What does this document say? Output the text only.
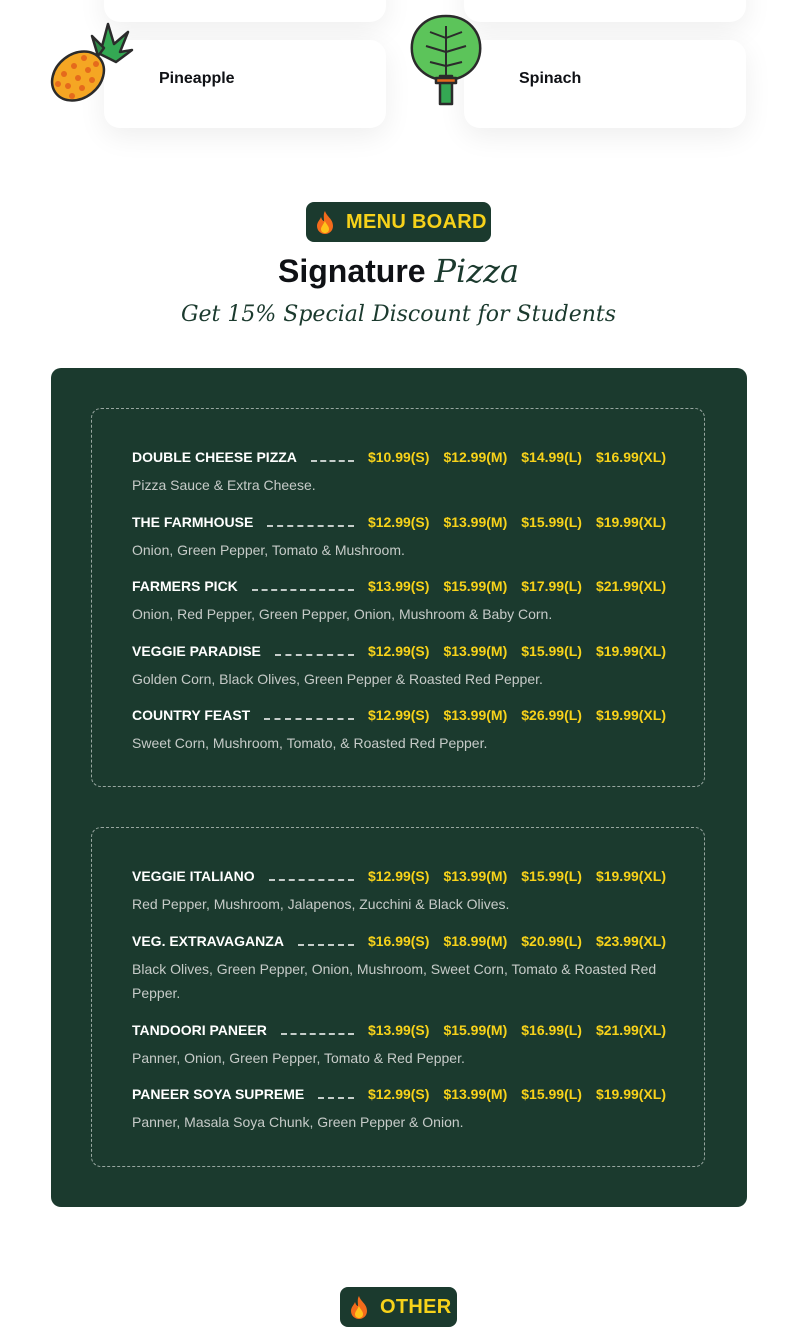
Pineapple	Spinach
MENU BOARD
Signature Pizza
Get 15% Special Discount for Students
DOUBLE CHEESE PIZZA	$10.99(S) $12.99(M) $14.99(L) $16.99(XL)
Pizza Sauce & Extra Cheese.
THE FARMHOUSE	$12.99(S) $13.99(M) $15.99(L) $19.99(XL)
Onion, Green Pepper, Tomato & Mushroom.
FARMERS PICK	$13.99(S) $15.99(M) $17.99(L) $21.99(XL)
Onion, Red Pepper, Green Pepper, Onion, Mushroom & Baby Corn.
VEGGIE PARADISE	$12.99(S) $13.99(M) $15.99(L) $19.99(XL)
Golden Corn, Black Olives, Green Pepper & Roasted Red Pepper.
COUNTRY FEAST	$12.99(S) $13.99(M) $26.99(L) $19.99(XL)
Sweet Corn, Mushroom, Tomato, & Roasted Red Pepper.
VEGGIE ITALIANO	$12.99(S) $13.99(M) $15.99(L) $19.99(XL)
Red Pepper, Mushroom, Jalapenos, Zucchini & Black Olives.
VEG. EXTRAVAGANZA	$16.99(S) $18.99(M) $20.99(L) $23.99(XL)
Black Olives, Green Pepper, Onion, Mushroom, Sweet Corn, Tomato & Roasted Red Pepper.
TANDOORI PANEER	$13.99(S) $15.99(M) $16.99(L) $21.99(XL)
Panner, Onion, Green Pepper, Tomato & Red Pepper.
PANEER SOYA SUPREME	$12.99(S) $13.99(M) $15.99(L) $19.99(XL)
Panner, Masala Soya Chunk, Green Pepper & Onion.
OTHER
